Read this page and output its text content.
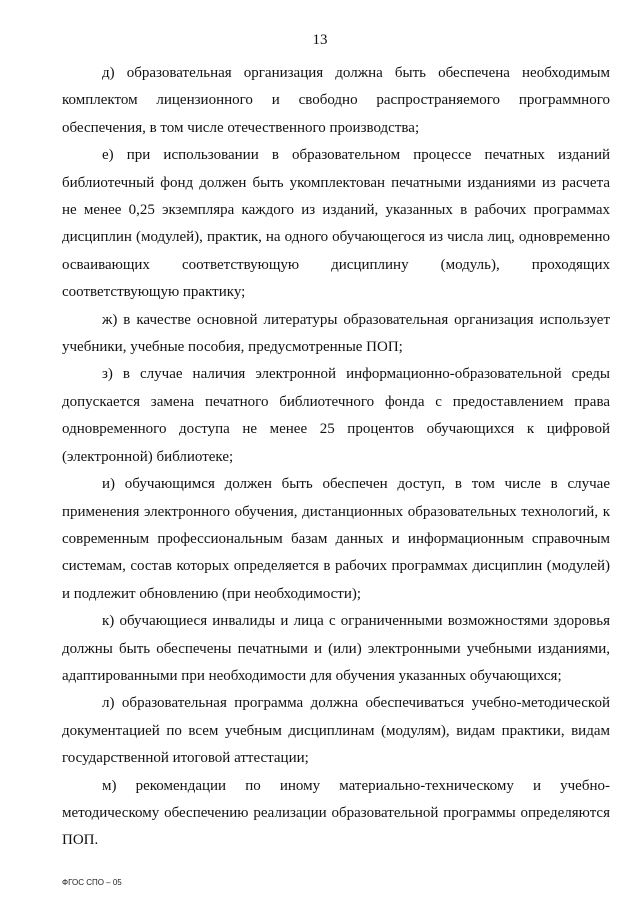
13

д) образовательная организация должна быть обеспечена необходимым комплектом лицензионного и свободно распространяемого программного обеспечения, в том числе отечественного производства;

е) при использовании в образовательном процессе печатных изданий библиотечный фонд должен быть укомплектован печатными изданиями из расчета не менее 0,25 экземпляра каждого из изданий, указанных в рабочих программах дисциплин (модулей), практик, на одного обучающегося из числа лиц, одновременно осваивающих соответствующую дисциплину (модуль), проходящих соответствующую практику;

ж) в качестве основной литературы образовательная организация использует учебники, учебные пособия, предусмотренные ПОП;

з) в случае наличия электронной информационно-образовательной среды допускается замена печатного библиотечного фонда с предоставлением права одновременного доступа не менее 25 процентов обучающихся к цифровой (электронной) библиотеке;

и) обучающимся должен быть обеспечен доступ, в том числе в случае применения электронного обучения, дистанционных образовательных технологий, к современным профессиональным базам данных и информационным справочным системам, состав которых определяется в рабочих программах дисциплин (модулей) и подлежит обновлению (при необходимости);

к) обучающиеся инвалиды и лица с ограниченными возможностями здоровья должны быть обеспечены печатными и (или) электронными учебными изданиями, адаптированными при необходимости для обучения указанных обучающихся;

л) образовательная программа должна обеспечиваться учебно-методической документацией по всем учебным дисциплинам (модулям), видам практики, видам государственной итоговой аттестации;

м) рекомендации по иному материально-техническому и учебно-методическому обеспечению реализации образовательной программы определяются ПОП.

ФГОС СПО – 05
